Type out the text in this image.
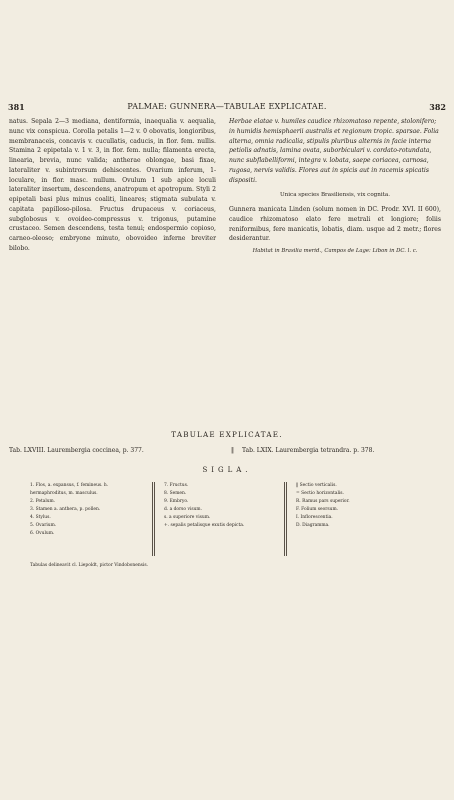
381	PALMAE: GUNNERA—TABULAE EXPLICATAE.	382
natus. Sepala 2—3 mediana, dentiformia, inaequalia v. aequalia, nunc vix conspicua. Corolla petalis 1—2 v. 0 obovatis, longioribus, membranaceis, concavis v. cucullatis, caducis, in flor. fem. nullis. Stamina 2 epipetala v. 1 v. 3, in flor. fem. nulla; filamenta erecta, linearia, brevia, nunc valida; antherae oblongae, basi fixae, lateraliter v. subintrorsum dehiscentes. Ovarium inferum, 1-loculare, in flor. masc. nullum. Ovulum 1 sub apice loculi lateraliter insertum, descendens, anatropum et apotropum. Styli 2 epipetali basi plus minus coaliti, lineares; stigmata subulata v. capitata papilloso-pilosa. Fructus drupaceus v. coriaceus, subglobosus v. ovoideo-compressus v. trigonus, putamine crustaceo. Semen descendens, testa tenui; endospermio copioso, carneo-oleoso; embryone minuto, obovoideo inferne breviter bilobo.

Herbae elatae v. humiles caudice rhizomatoso repente, stolonifero; in humidis hemisphaerii australis et regionum tropic. sparsae. Folia alterna, omnia radicalia, stipulis pluribus alternis in facie interna petiolis adnatis, lamina ovata, suborbiculari v. cordato-rotundata, nunc subflabelliformi, integra v. lobata, saepe coriacea, carnosa, rugosa, nervis validis. Flores aut in spicis aut in racemis spicatis dispositi.

Unica species Brasiliensis, vix cognita.

Gunnera manicata Linden (solum nomen in DC. Prodr. XVI. II 600), caudice rhizomatoso elato fere metrali et longiore; foliis reniformibus, fere manicatis, lobatis, diam. usque ad 2 metr.; flores desiderantur.

Habitat in Brasilia merid., Campos de Lage: Libon in DC. l. c.

TABULAE EXPLICATAE.
Tab. LXVIII. Laurembergia coccinea, p. 377.	‖ Tab. LXIX. Laurembergia tetrandra. p. 378.
SIGLA.
1. Flos, a. expansus, f. femineus. h. hermaphroditus, m. masculus.
2. Petalum.
3. Stamen a. anthera, p. pollen.
4. Stylus.
5. Ovarium.
6. Ovulum.
7. Fructus.
8. Semen.
9. Embryo.
d. a dorso visum.
s. a superiore visum.
+. sepalis petalisque exutis depicta.
‖ Sectio verticalis.
= Sectio horizontalis.
R. Ramus pars superior.
F. Folium seorsum.
I. Inflorescentia.
D. Diagramma.
Tabulas delineavit cl. Liepoldt, pictor Vindobonensis.
